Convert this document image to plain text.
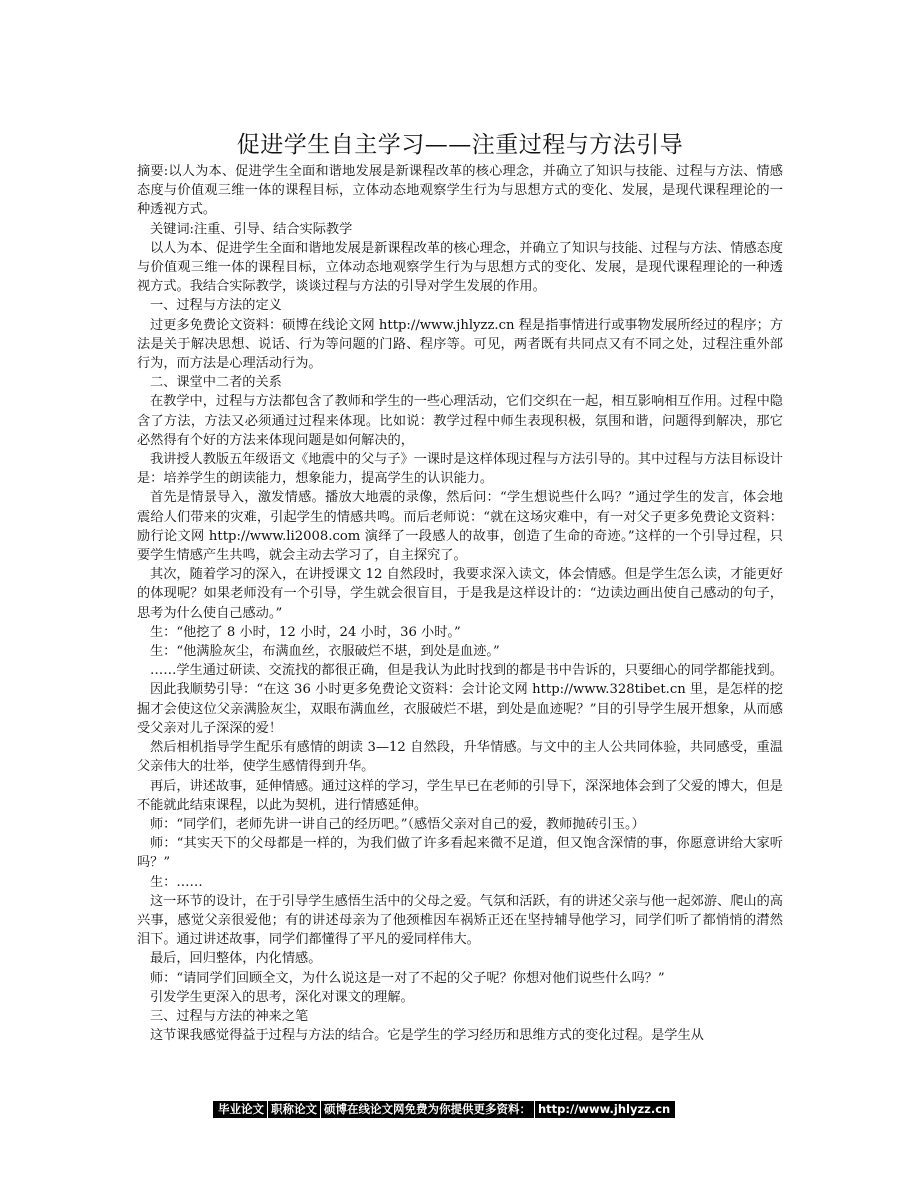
促进学生自主学习——注重过程与方法引导

摘要:以人为本、促进学生全面和谐地发展是新课程改革的核心理念，并确立了知识与技能、过程与方法、情感态度与价值观三维一体的课程目标，立体动态地观察学生行为与思想方式的变化、发展，是现代课程理论的一种透视方式。

关键词:注重、引导、结合实际教学

以人为本、促进学生全面和谐地发展是新课程改革的核心理念，并确立了知识与技能、过程与方法、情感态度与价值观三维一体的课程目标，立体动态地观察学生行为与思想方式的变化、发展，是现代课程理论的一种透视方式。我结合实际教学，谈谈过程与方法的引导对学生发展的作用。

一、过程与方法的定义

过更多免费论文资料：硕博在线论文网 http://www.jhlyzz.cn 程是指事情进行或事物发展所经过的程序；方法是关于解决思想、说话、行为等问题的门路、程序等。可见，两者既有共同点又有不同之处，过程注重外部行为，而方法是心理活动行为。

二、课堂中二者的关系

在教学中，过程与方法都包含了教师和学生的一些心理活动，它们交织在一起，相互影响相互作用。过程中隐含了方法，方法又必须通过过程来体现。比如说：教学过程中师生表现积极，氛围和谐，问题得到解决，那它必然得有个好的方法来体现问题是如何解决的，

我讲授人教版五年级语文《地震中的父与子》一课时是这样体现过程与方法引导的。其中过程与方法目标设计是：培养学生的朗读能力，想象能力，提高学生的认识能力。

首先是情景导入，激发情感。播放大地震的录像，然后问：“学生想说些什么吗？”通过学生的发言，体会地震给人们带来的灾难，引起学生的情感共鸣。而后老师说：“就在这场灾难中，有一对父子更多免费论文资料：励行论文网 http://www.li2008.com 演绎了一段感人的故事，创造了生命的奇迹。”这样的一个引导过程，只要学生情感产生共鸣，就会主动去学习了，自主探究了。

其次，随着学习的深入，在讲授课文 12 自然段时，我要求深入读文，体会情感。但是学生怎么读，才能更好的体现呢？如果老师没有一个引导，学生就会很盲目，于是我是这样设计的：“边读边画出使自己感动的句子，思考为什么使自己感动。”

生：“他挖了 8 小时，12 小时，24 小时，36 小时。”

生：“他满脸灰尘，布满血丝，衣服破烂不堪，到处是血迹。”

……学生通过研读、交流找的都很正确，但是我认为此时找到的都是书中告诉的，只要细心的同学都能找到。

因此我顺势引导：“在这 36 小时更多免费论文资料：会计论文网 http://www.328tibet.cn 里，是怎样的挖掘才会使这位父亲满脸灰尘，双眼布满血丝，衣服破烂不堪，到处是血迹呢？”目的引导学生展开想象，从而感受父亲对儿子深深的爱！

然后相机指导学生配乐有感情的朗读 3—12 自然段，升华情感。与文中的主人公共同体验，共同感受，重温父亲伟大的壮举，使学生感情得到升华。

再后，讲述故事，延伸情感。通过这样的学习，学生早已在老师的引导下，深深地体会到了父爱的博大，但是不能就此结束课程，以此为契机，进行情感延伸。

师：“同学们，老师先讲一讲自己的经历吧。”（感悟父亲对自己的爱，教师抛砖引玉。）

师：“其实天下的父母都是一样的，为我们做了许多看起来微不足道，但又饱含深情的事，你愿意讲给大家听吗？”

生：……

这一环节的设计，在于引导学生感悟生活中的父母之爱。气氛和活跃，有的讲述父亲与他一起郊游、爬山的高兴事，感觉父亲很爱他；有的讲述母亲为了他颈椎因车祸矫正还在坚持辅导他学习，同学们听了都悄悄的潸然泪下。通过讲述故事，同学们都懂得了平凡的爱同样伟大。

最后，回归整体，内化情感。

师：“请同学们回顾全文，为什么说这是一对了不起的父子呢？你想对他们说些什么吗？”

引发学生更深入的思考，深化对课文的理解。

三、过程与方法的神来之笔

这节课我感觉得益于过程与方法的结合。它是学生的学习经历和思维方式的变化过程。是学生从

毕业论文 职称论文 硕博在线论文网免费为你提供更多资料： http://www.jhlyzz.cn
